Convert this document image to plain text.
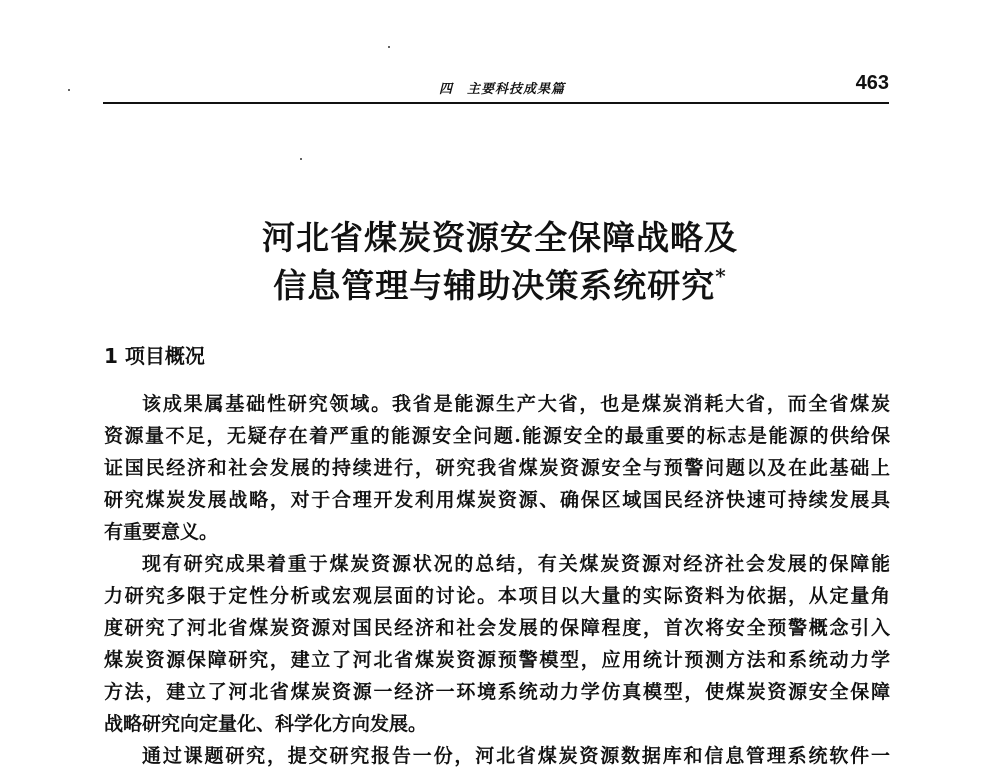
四　主要科技成果篇	463
河北省煤炭资源安全保障战略及
信息管理与辅助决策系统研究*
1 项目概况
该成果属基础性研究领域。我省是能源生产大省，也是煤炭消耗大省，而全省煤炭
资源量不足，无疑存在着严重的能源安全问题.能源安全的最重要的标志是能源的供给保
证国民经济和社会发展的持续进行，研究我省煤炭资源安全与预警问题以及在此基础上
研究煤炭发展战略，对于合理开发利用煤炭资源、确保区域国民经济快速可持续发展具
有重要意义。
现有研究成果着重于煤炭资源状况的总结，有关煤炭资源对经济社会发展的保障能
力研究多限于定性分析或宏观层面的讨论。本项目以大量的实际资料为依据，从定量角
度研究了河北省煤炭资源对国民经济和社会发展的保障程度，首次将安全预警概念引入
煤炭资源保障研究，建立了河北省煤炭资源预警模型，应用统计预测方法和系统动力学
方法，建立了河北省煤炭资源一经济一环境系统动力学仿真模型，使煤炭资源安全保障
战略研究向定量化、科学化方向发展。
通过课题研究，提交研究报告一份，河北省煤炭资源数据库和信息管理系统软件一
